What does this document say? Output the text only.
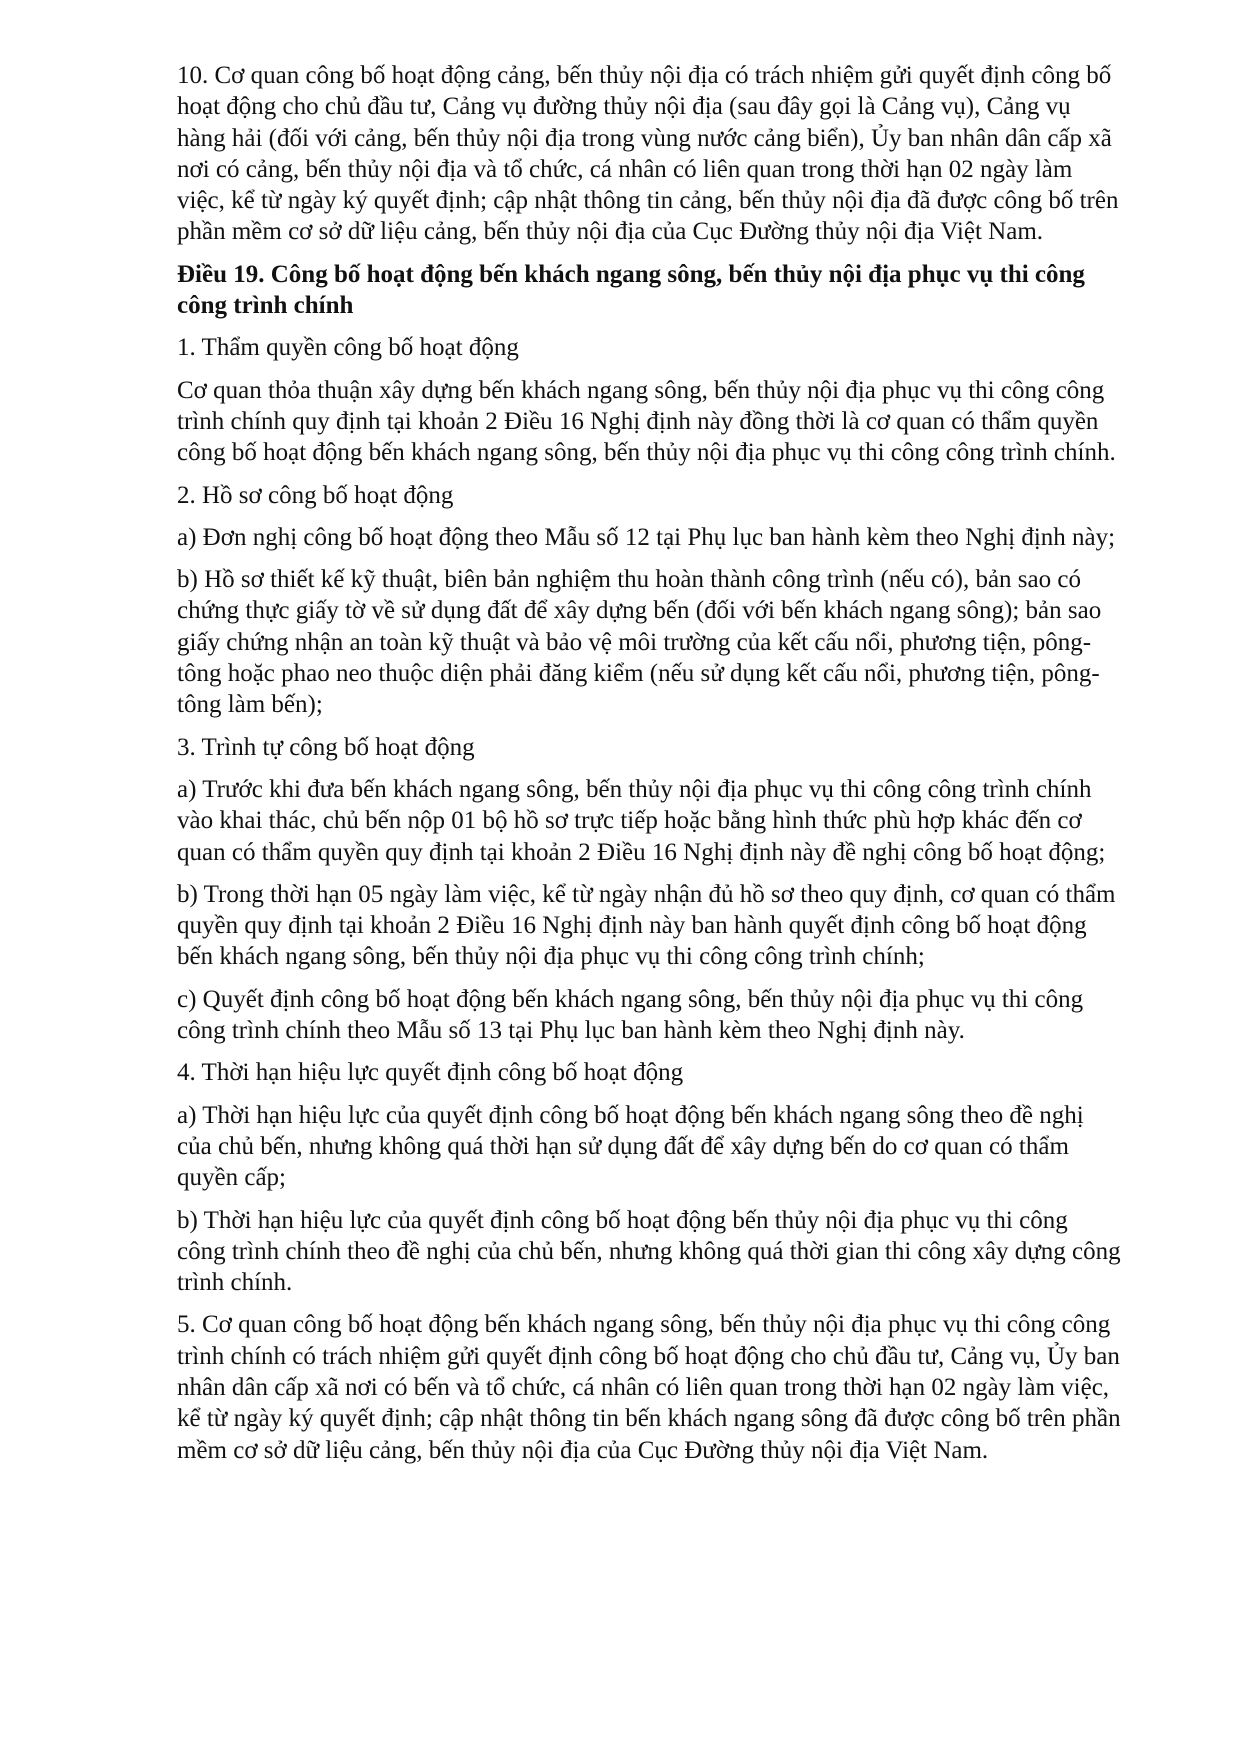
10. Cơ quan công bố hoạt động cảng, bến thủy nội địa có trách nhiệm gửi quyết định công bố hoạt động cho chủ đầu tư, Cảng vụ đường thủy nội địa (sau đây gọi là Cảng vụ), Cảng vụ hàng hải (đối với cảng, bến thủy nội địa trong vùng nước cảng biển), Ủy ban nhân dân cấp xã nơi có cảng, bến thủy nội địa và tổ chức, cá nhân có liên quan trong thời hạn 02 ngày làm việc, kể từ ngày ký quyết định; cập nhật thông tin cảng, bến thủy nội địa đã được công bố trên phần mềm cơ sở dữ liệu cảng, bến thủy nội địa của Cục Đường thủy nội địa Việt Nam.

Điều 19. Công bố hoạt động bến khách ngang sông, bến thủy nội địa phục vụ thi công công trình chính

1. Thẩm quyền công bố hoạt động

Cơ quan thỏa thuận xây dựng bến khách ngang sông, bến thủy nội địa phục vụ thi công công trình chính quy định tại khoản 2 Điều 16 Nghị định này đồng thời là cơ quan có thẩm quyền công bố hoạt động bến khách ngang sông, bến thủy nội địa phục vụ thi công công trình chính.

2. Hồ sơ công bố hoạt động

a) Đơn nghị công bố hoạt động theo Mẫu số 12 tại Phụ lục ban hành kèm theo Nghị định này;

b) Hồ sơ thiết kế kỹ thuật, biên bản nghiệm thu hoàn thành công trình (nếu có), bản sao có chứng thực giấy tờ về sử dụng đất để xây dựng bến (đối với bến khách ngang sông); bản sao giấy chứng nhận an toàn kỹ thuật và bảo vệ môi trường của kết cấu nổi, phương tiện, pông-tông hoặc phao neo thuộc diện phải đăng kiểm (nếu sử dụng kết cấu nổi, phương tiện, pông-tông làm bến);

3. Trình tự công bố hoạt động

a) Trước khi đưa bến khách ngang sông, bến thủy nội địa phục vụ thi công công trình chính vào khai thác, chủ bến nộp 01 bộ hồ sơ trực tiếp hoặc bằng hình thức phù hợp khác đến cơ quan có thẩm quyền quy định tại khoản 2 Điều 16 Nghị định này đề nghị công bố hoạt động;

b) Trong thời hạn 05 ngày làm việc, kể từ ngày nhận đủ hồ sơ theo quy định, cơ quan có thẩm quyền quy định tại khoản 2 Điều 16 Nghị định này ban hành quyết định công bố hoạt động bến khách ngang sông, bến thủy nội địa phục vụ thi công công trình chính;

c) Quyết định công bố hoạt động bến khách ngang sông, bến thủy nội địa phục vụ thi công công trình chính theo Mẫu số 13 tại Phụ lục ban hành kèm theo Nghị định này.

4. Thời hạn hiệu lực quyết định công bố hoạt động

a) Thời hạn hiệu lực của quyết định công bố hoạt động bến khách ngang sông theo đề nghị của chủ bến, nhưng không quá thời hạn sử dụng đất để xây dựng bến do cơ quan có thẩm quyền cấp;

b) Thời hạn hiệu lực của quyết định công bố hoạt động bến thủy nội địa phục vụ thi công công trình chính theo đề nghị của chủ bến, nhưng không quá thời gian thi công xây dựng công trình chính.

5. Cơ quan công bố hoạt động bến khách ngang sông, bến thủy nội địa phục vụ thi công công trình chính có trách nhiệm gửi quyết định công bố hoạt động cho chủ đầu tư, Cảng vụ, Ủy ban nhân dân cấp xã nơi có bến và tổ chức, cá nhân có liên quan trong thời hạn 02 ngày làm việc, kể từ ngày ký quyết định; cập nhật thông tin bến khách ngang sông đã được công bố trên phần mềm cơ sở dữ liệu cảng, bến thủy nội địa của Cục Đường thủy nội địa Việt Nam.
